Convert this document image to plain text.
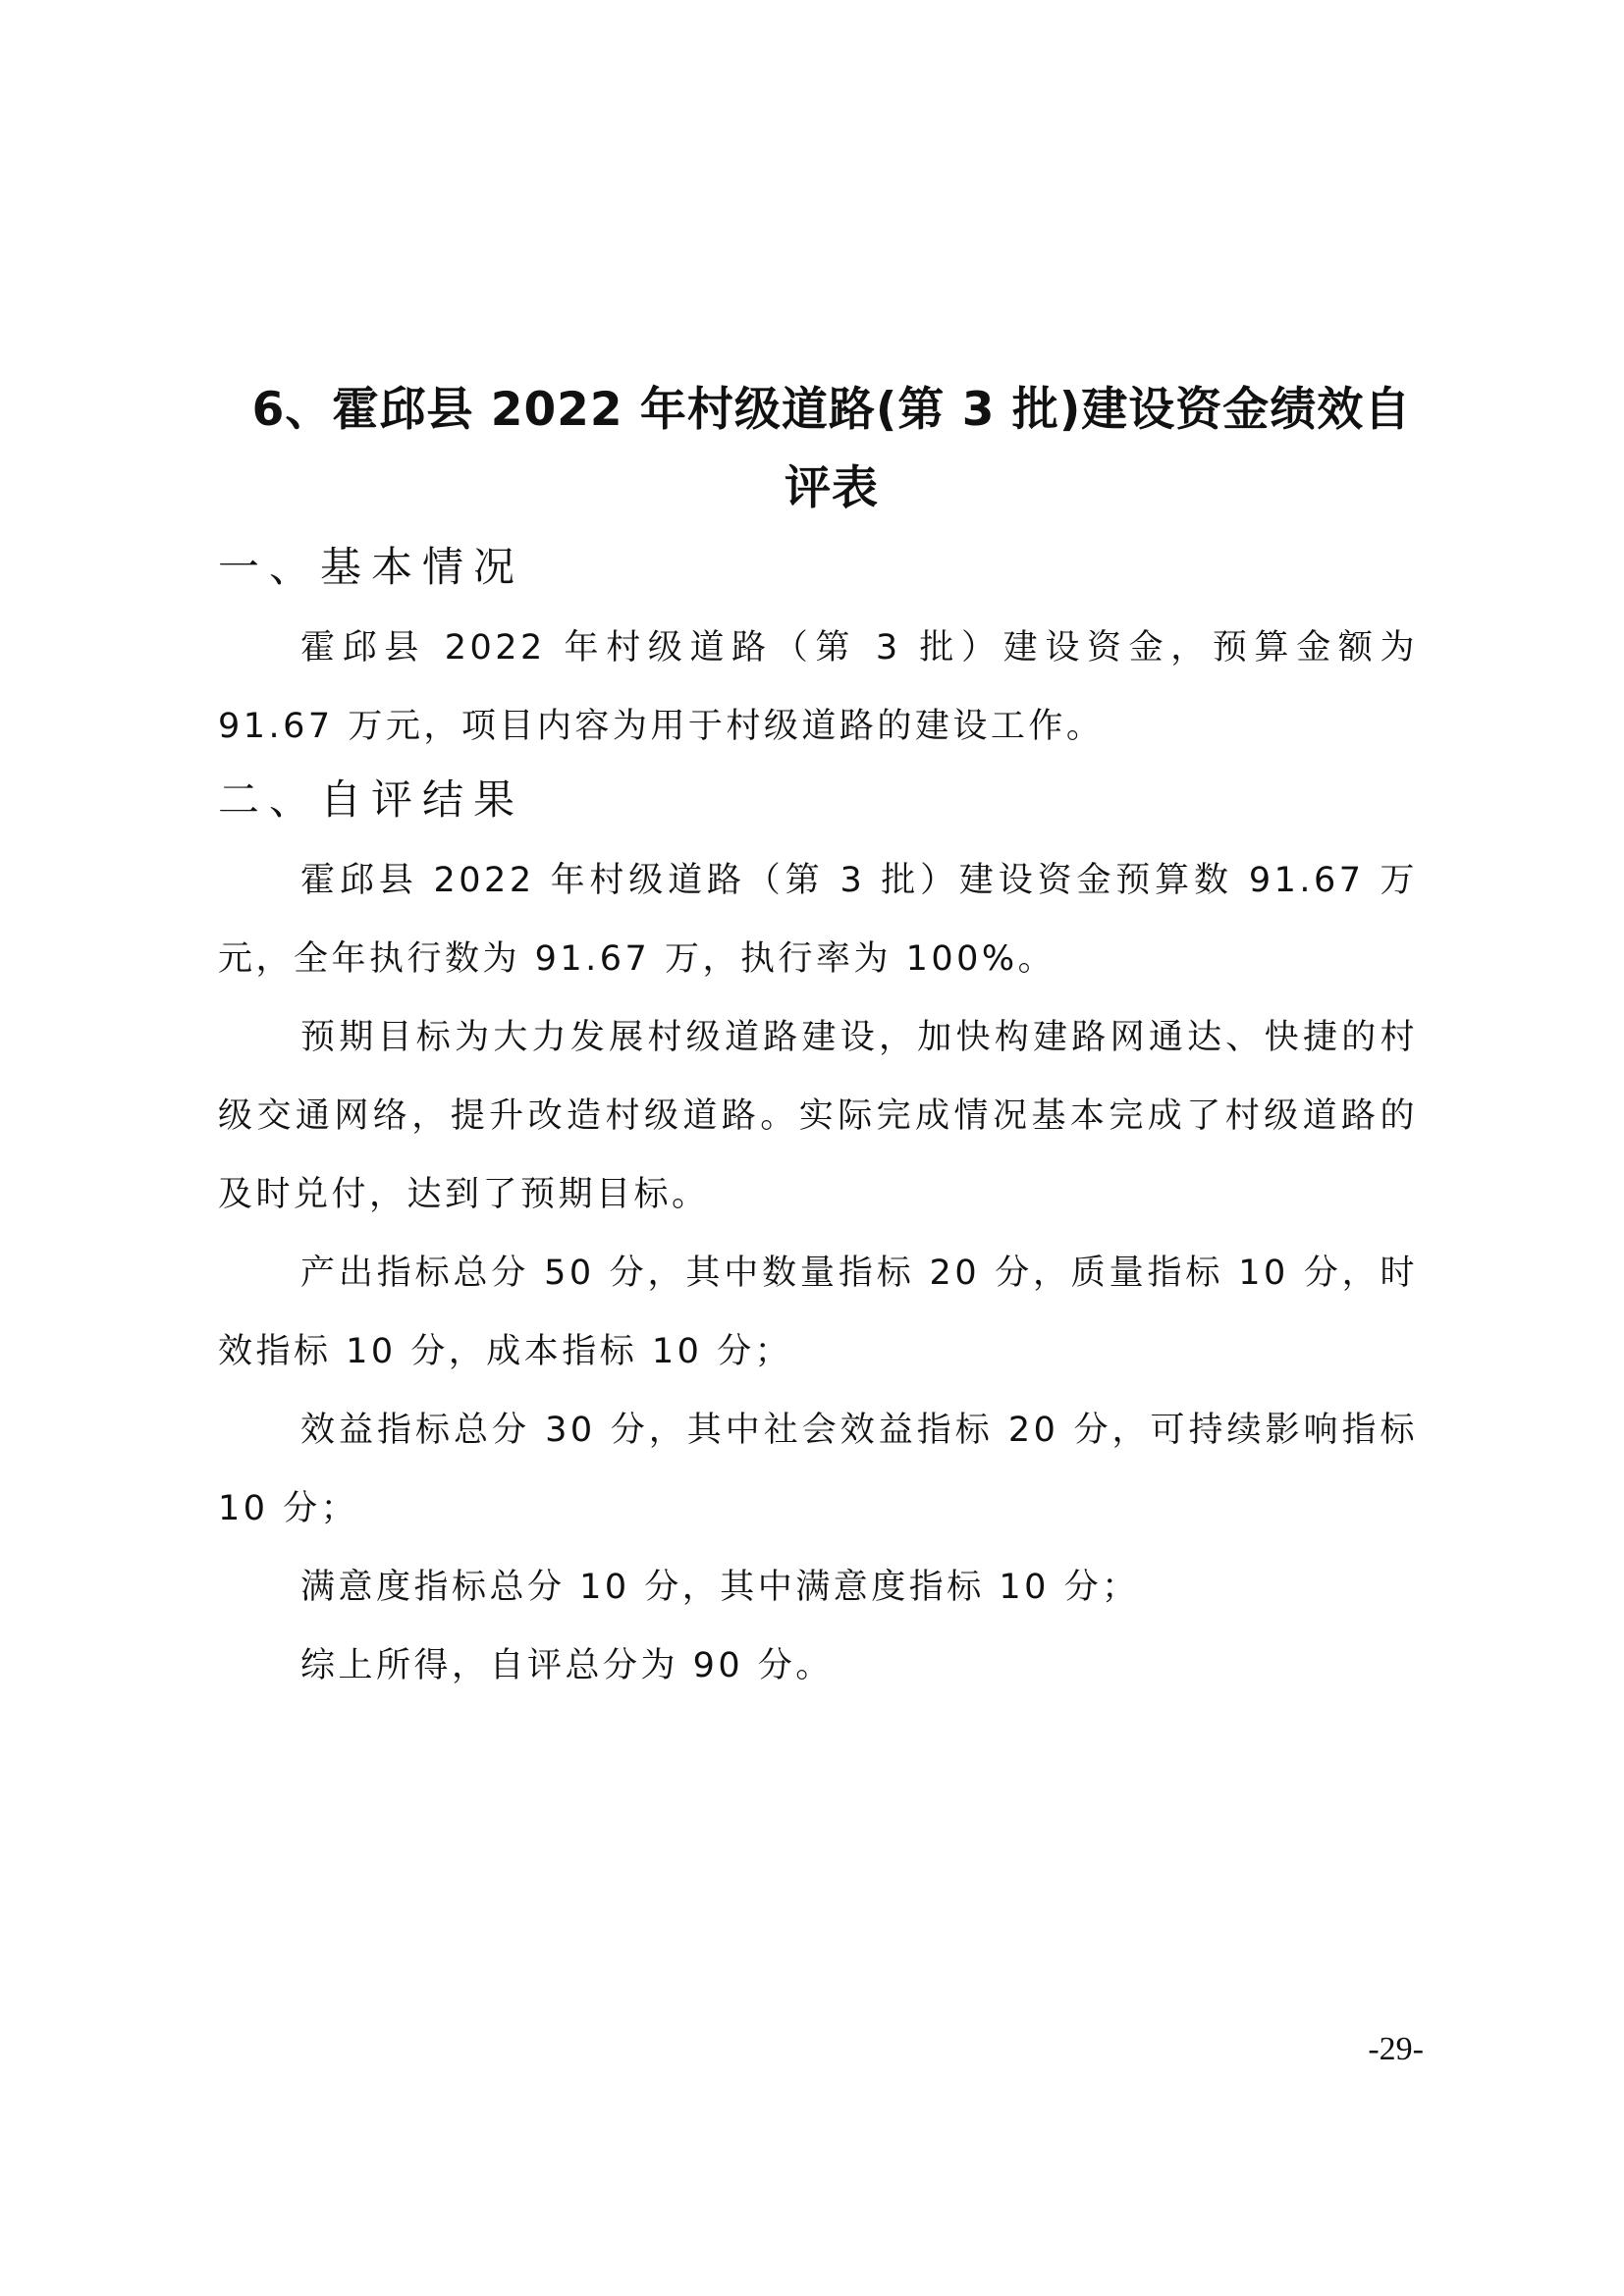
6、霍邱县 2022 年村级道路(第 3 批)建设资金绩效自
评表
一、基本情况

霍邱县 2022 年村级道路（第 3 批）建设资金，预算金额为 91.67 万元，项目内容为用于村级道路的建设工作。

二、自评结果

霍邱县 2022 年村级道路（第 3 批）建设资金预算数 91.67 万元，全年执行数为 91.67 万，执行率为 100%。

预期目标为大力发展村级道路建设，加快构建路网通达、快捷的村级交通网络，提升改造村级道路。实际完成情况基本完成了村级道路的及时兑付，达到了预期目标。

产出指标总分 50 分，其中数量指标 20 分，质量指标 10 分，时效指标 10 分，成本指标 10 分；

效益指标总分 30 分，其中社会效益指标 20 分，可持续影响指标 10 分；

满意度指标总分 10 分，其中满意度指标 10 分；

综上所得，自评总分为 90 分。

-29-
